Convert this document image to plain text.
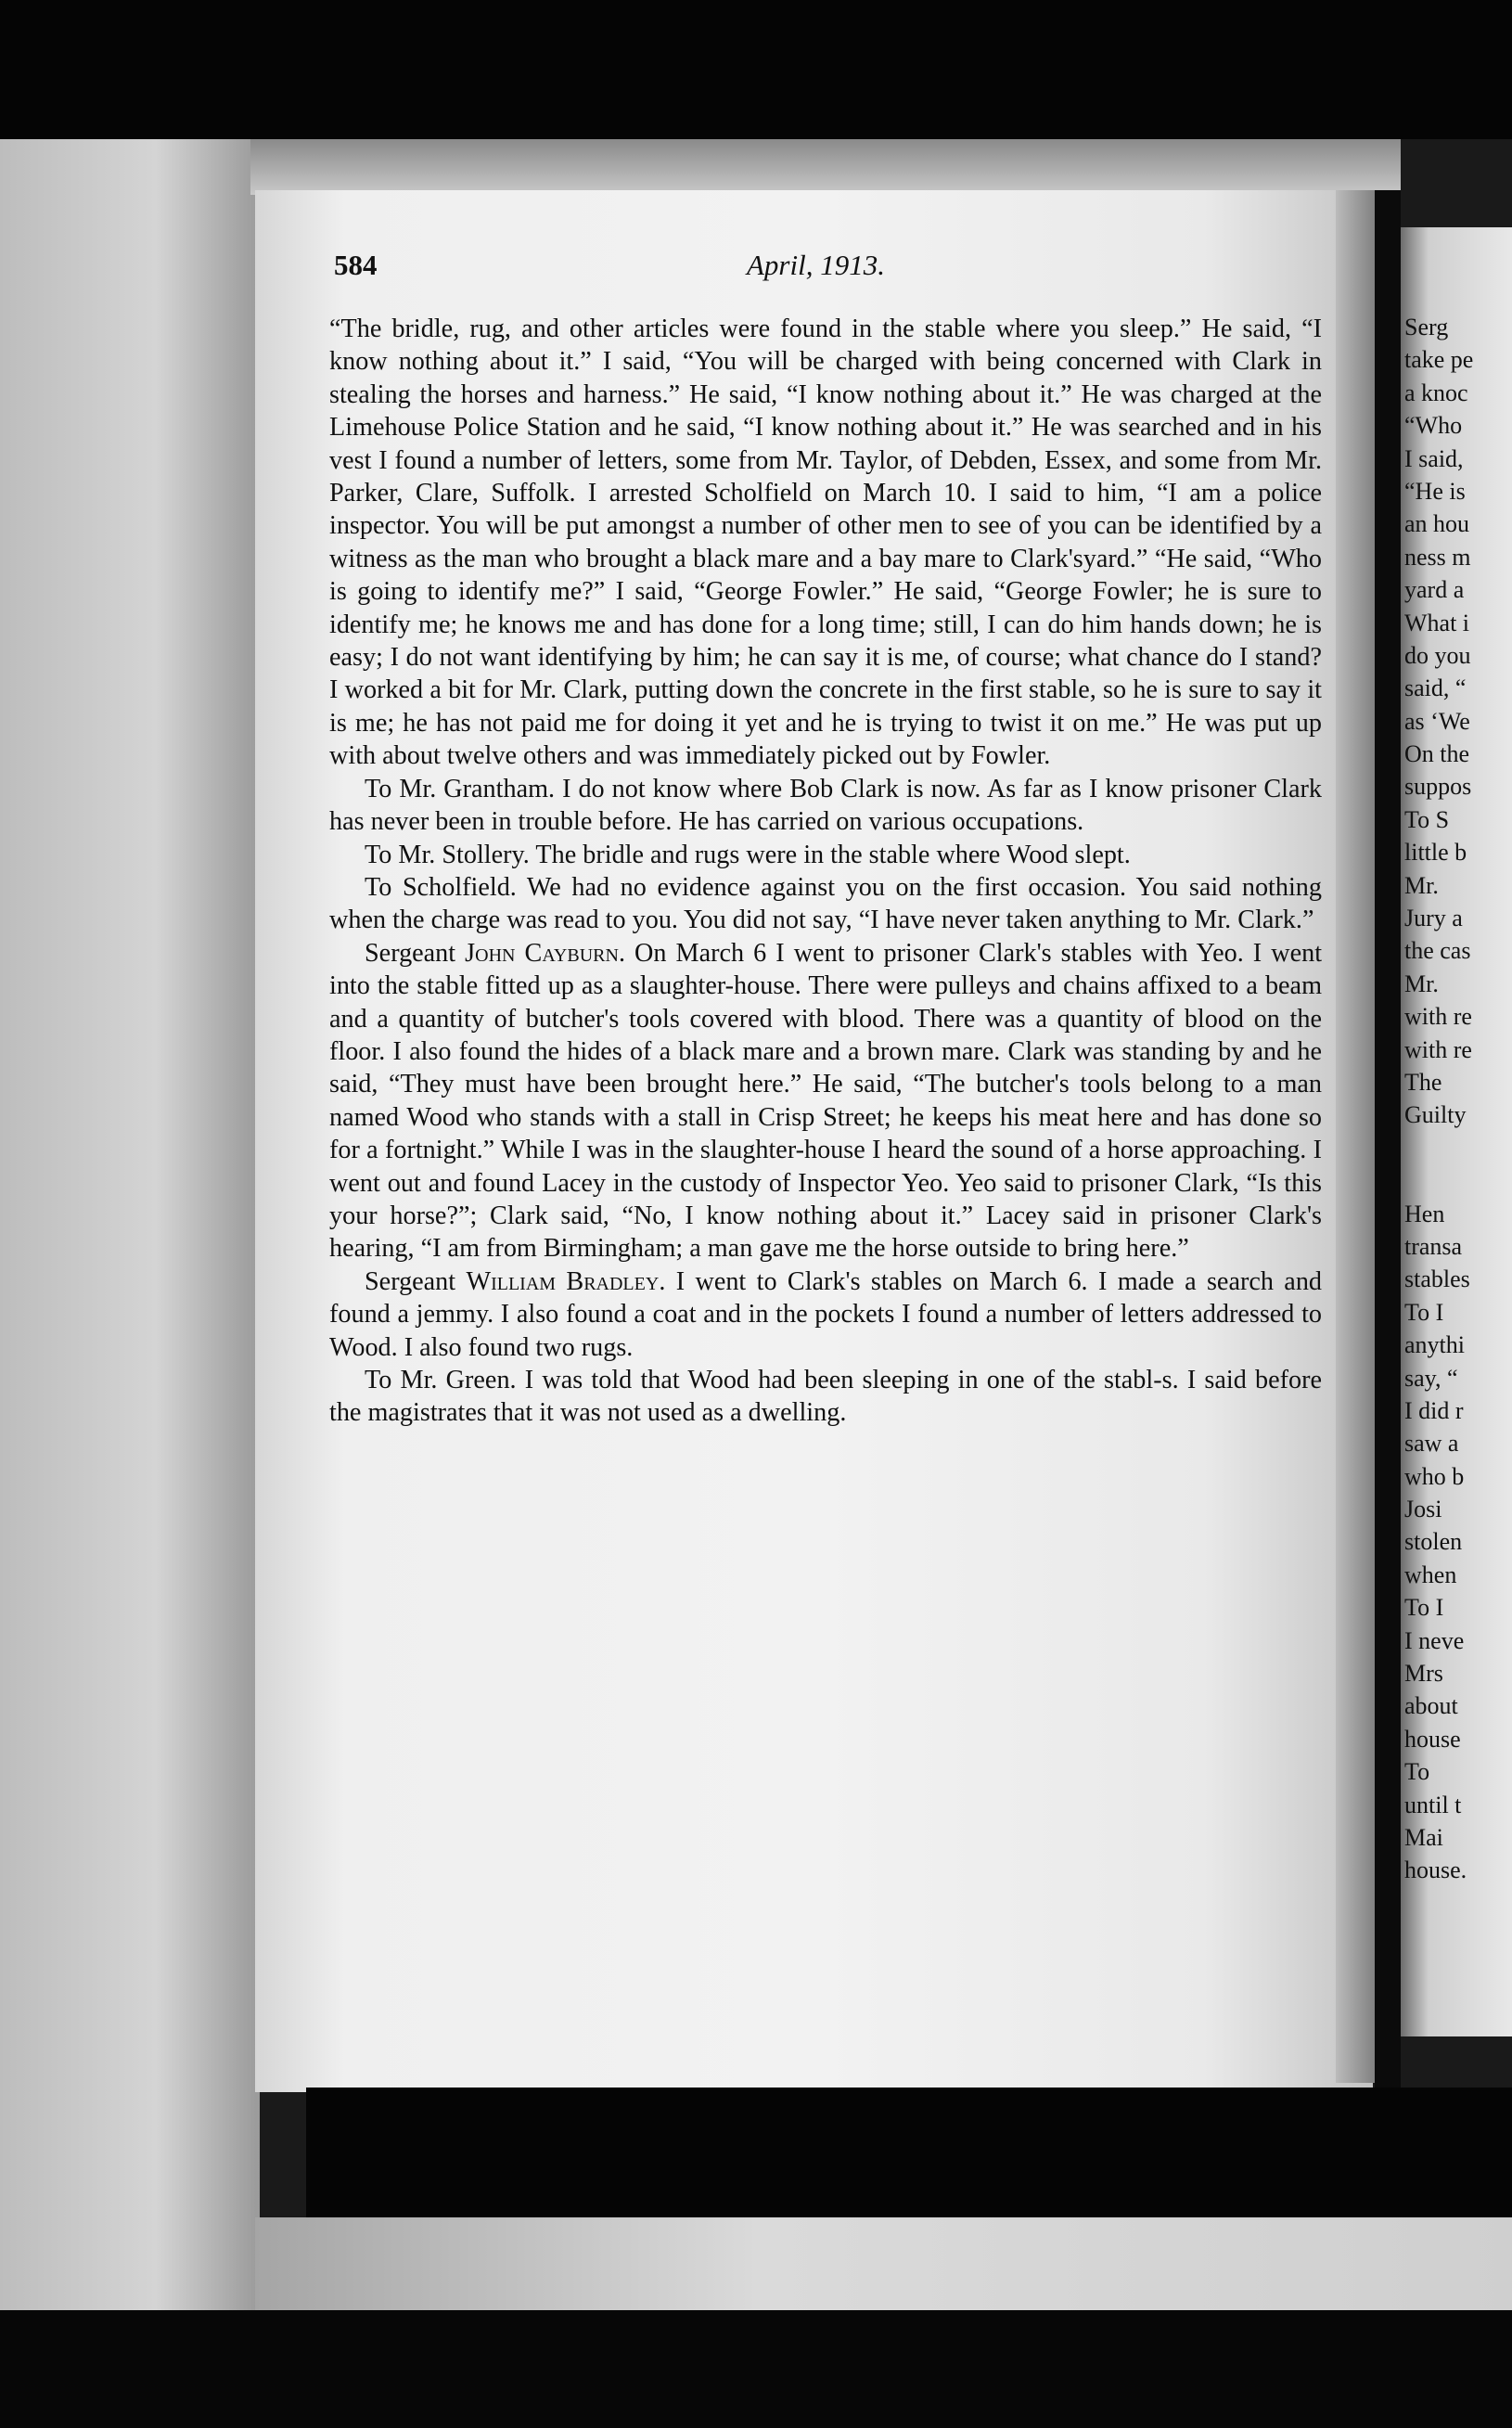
Serg
take pe
a knoc
“Who
I said,
“He is
an hou
ness m
yard a
What i
do you
said, “
as ‘We
On the
suppos
To S
little b
Mr.
Jury a
the cas
Mr.
with re
with re
The
Guilty
Hen
transa
stables
To I
anythi
say, “
I did r
saw a
who b
Josi
stolen
when
To I
I neve
Mrs
about
house
To
until t
Mai
house.
584	April, 1913.

“The bridle, rug, and other articles were found in the stable where you sleep.” He said, “I know nothing about it.” I said, “You will be charged with being concerned with Clark in stealing the horses and harness.” He said, “I know nothing about it.” He was charged at the Limehouse Police Station and he said, “I know nothing about it.” He was searched and in his vest I found a number of letters, some from Mr. Taylor, of Debden, Essex, and some from Mr. Parker, Clare, Suffolk. I arrested Scholfield on March 10. I said to him, “I am a police inspector. You will be put amongst a number of other men to see of you can be identified by a witness as the man who brought a black mare and a bay mare to Clark'syard.” “He said, “Who is going to identify me?” I said, “George Fowler.” He said, “George Fowler; he is sure to identify me; he knows me and has done for a long time; still, I can do him hands down; he is easy; I do not want identifying by him; he can say it is me, of course; what chance do I stand? I worked a bit for Mr. Clark, putting down the concrete in the first stable, so he is sure to say it is me; he has not paid me for doing it yet and he is trying to twist it on me.” He was put up with about twelve others and was immediately picked out by Fowler.

To Mr. Grantham. I do not know where Bob Clark is now. As far as I know prisoner Clark has never been in trouble before. He has carried on various occupations.

To Mr. Stollery. The bridle and rugs were in the stable where Wood slept.

To Scholfield. We had no evidence against you on the first occasion. You said nothing when the charge was read to you. You did not say, “I have never taken anything to Mr. Clark.”

Sergeant John Cayburn. On March 6 I went to prisoner Clark's stables with Yeo. I went into the stable fitted up as a slaughter-house. There were pulleys and chains affixed to a beam and a quantity of butcher's tools covered with blood. There was a quantity of blood on the floor. I also found the hides of a black mare and a brown mare. Clark was standing by and he said, “They must have been brought here.” He said, “The butcher's tools belong to a man named Wood who stands with a stall in Crisp Street; he keeps his meat here and has done so for a fortnight.” While I was in the slaughter-house I heard the sound of a horse approaching. I went out and found Lacey in the custody of Inspector Yeo. Yeo said to prisoner Clark, “Is this your horse?”; Clark said, “No, I know nothing about it.” Lacey said in prisoner Clark's hearing, “I am from Birmingham; a man gave me the horse outside to bring here.”

Sergeant William Bradley. I went to Clark's stables on March 6. I made a search and found a jemmy. I also found a coat and in the pockets I found a number of letters addressed to Wood. I also found two rugs.

To Mr. Green. I was told that Wood had been sleeping in one of the stabl‑s. I said before the magistrates that it was not used as a dwelling.
